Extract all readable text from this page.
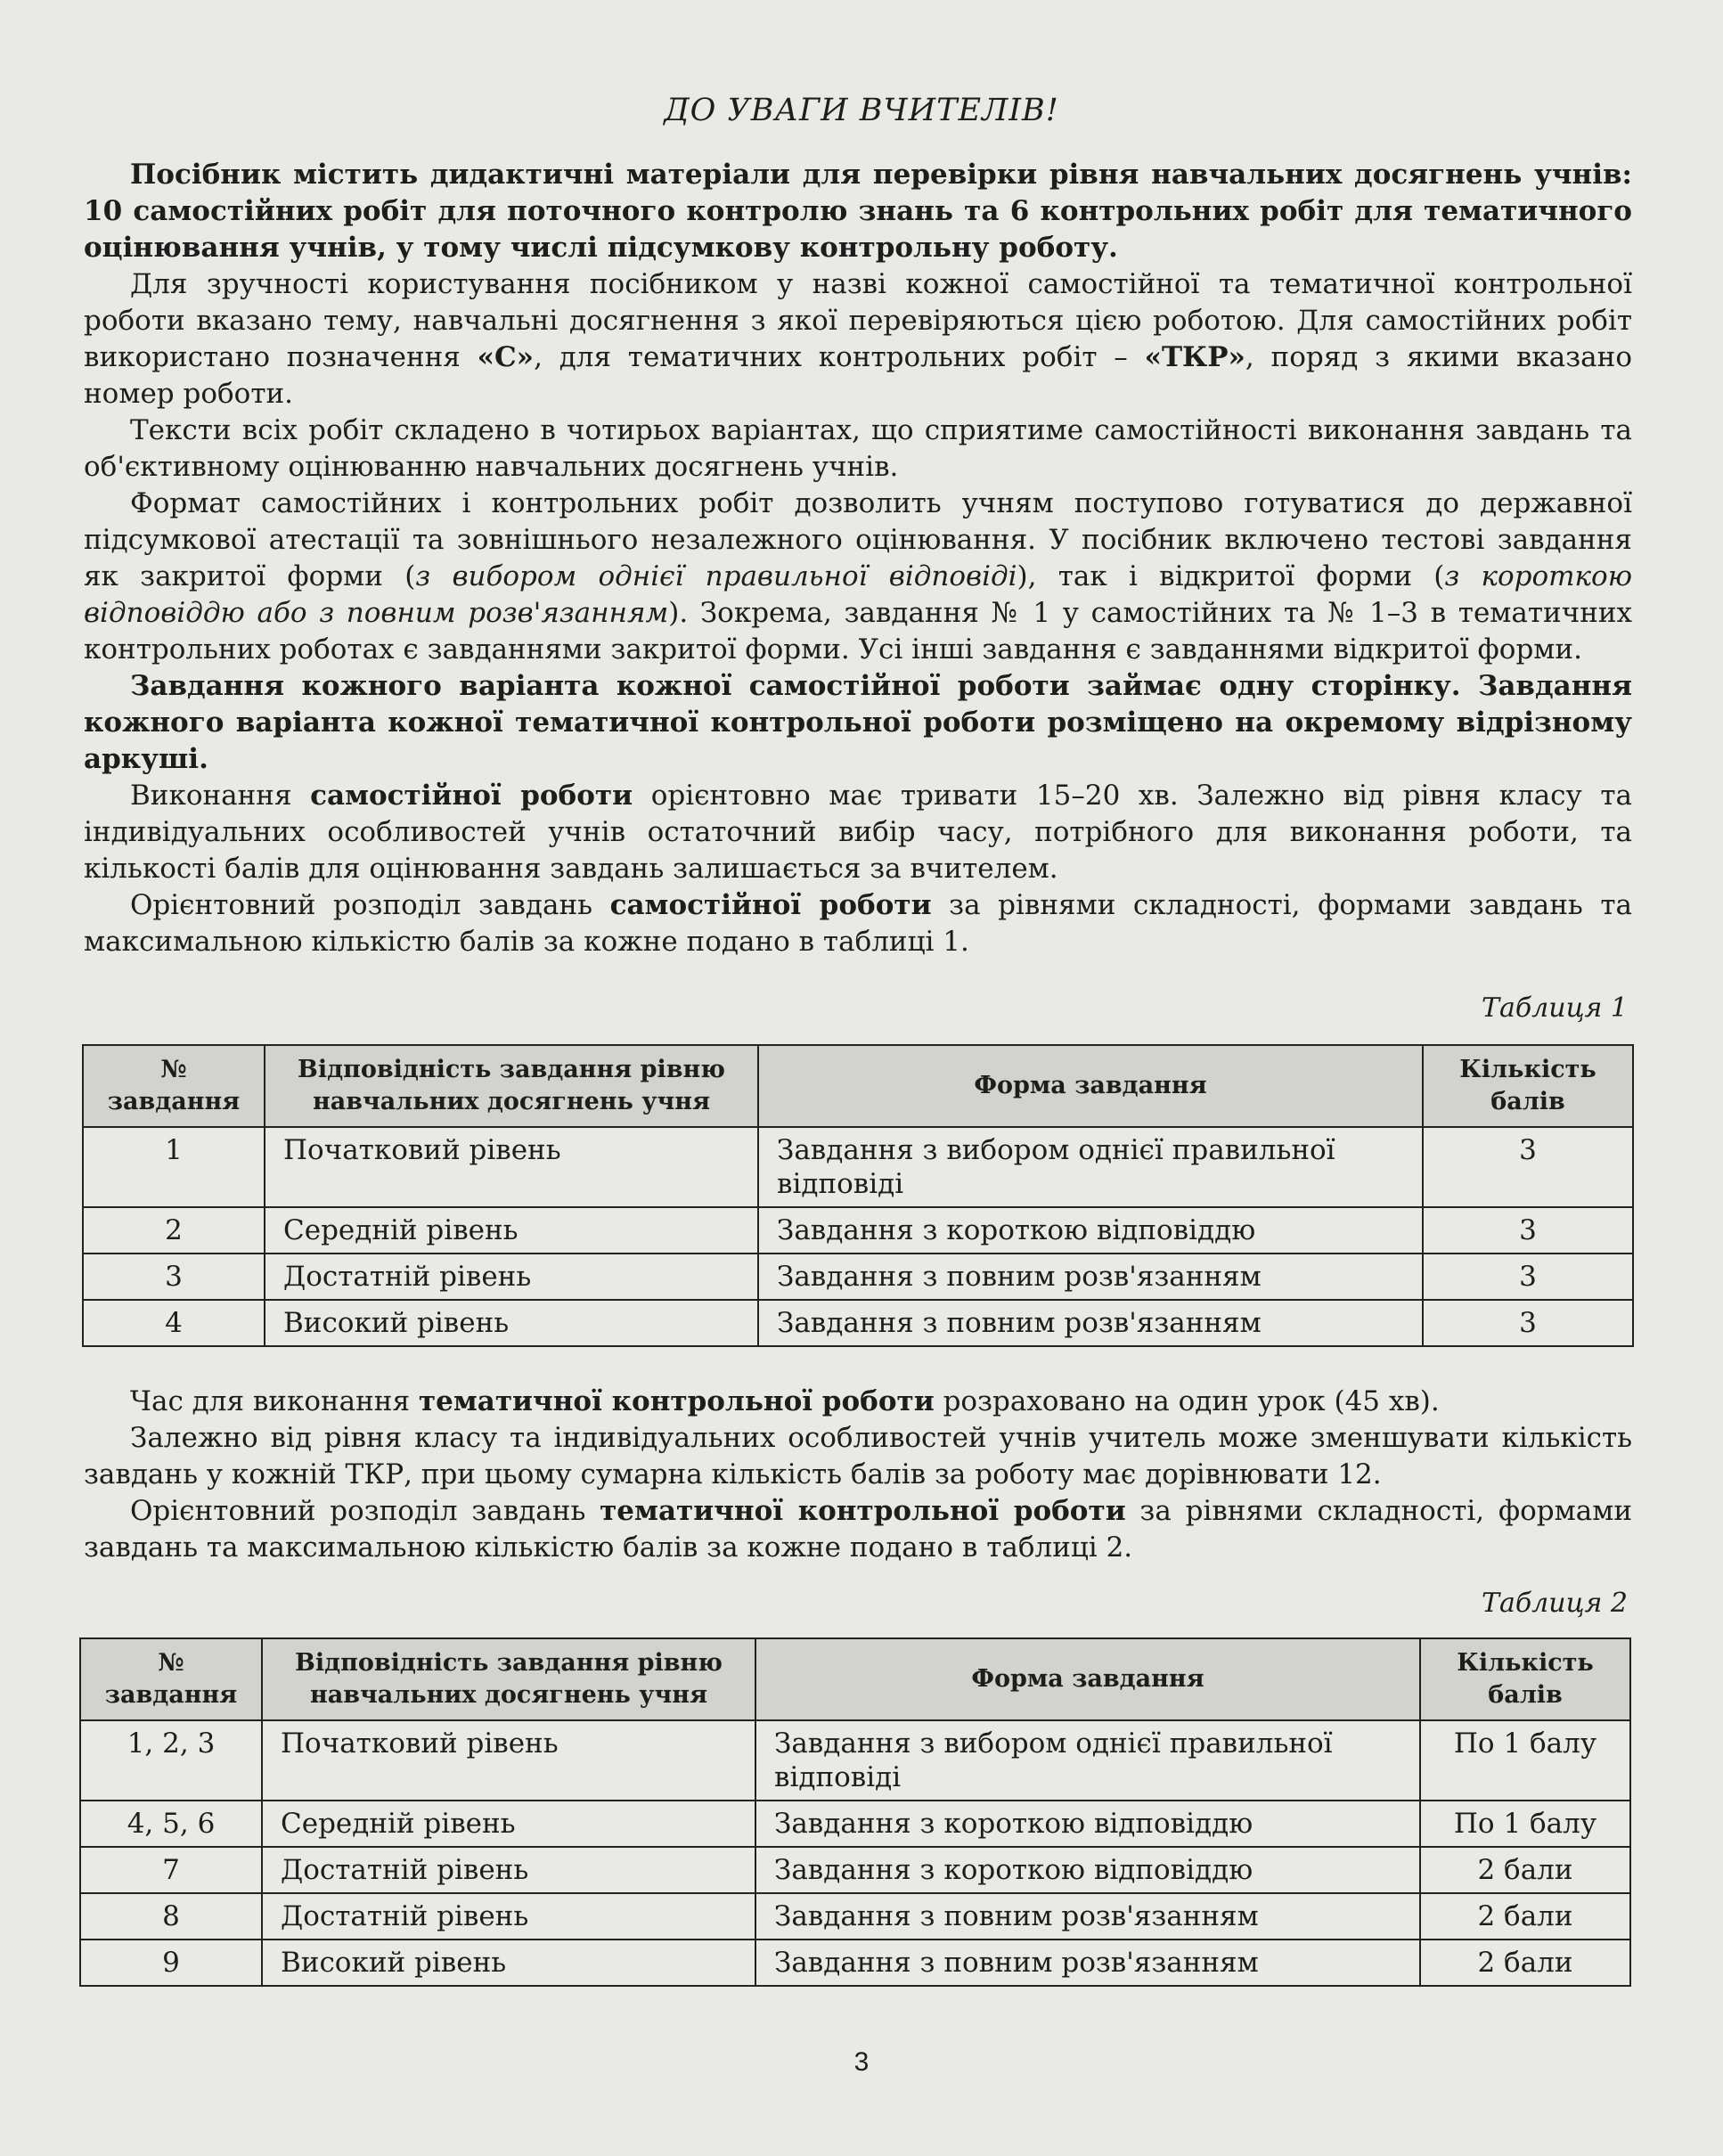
ДО УВАГИ ВЧИТЕЛІВ!

Посібник містить дидактичні матеріали для перевірки рівня навчальних досягнень учнів: 10 самостійних робіт для поточного контролю знань та 6 контрольних робіт для тематичного оцінювання учнів, у тому числі підсумкову контрольну роботу.

Для зручності користування посібником у назві кожної самостійної та тематичної контрольної роботи вказано тему, навчальні досягнення з якої перевіряються цією роботою. Для самостійних робіт використано позначення «С», для тематичних контрольних робіт – «ТКР», поряд з якими вказано номер роботи.

Тексти всіх робіт складено в чотирьох варіантах, що сприятиме самостійності виконання завдань та об'єктивному оцінюванню навчальних досягнень учнів.

Формат самостійних і контрольних робіт дозволить учням поступово готуватися до державної підсумкової атестації та зовнішнього незалежного оцінювання. У посібник включено тестові завдання як закритої форми (з вибором однієї правильної відповіді), так і відкритої форми (з короткою відповіддю або з повним розв'язанням). Зокрема, завдання № 1 у самостійних та № 1–3 в тематичних контрольних роботах є завданнями закритої форми. Усі інші завдання є завданнями відкритої форми.

Завдання кожного варіанта кожної самостійної роботи займає одну сторінку. Завдання кожного варіанта кожної тематичної контрольної роботи розміщено на окремому відрізному аркуші.

Виконання самостійної роботи орієнтовно має тривати 15–20 хв. Залежно від рівня класу та індивідуальних особливостей учнів остаточний вибір часу, потрібного для виконання роботи, та кількості балів для оцінювання завдань залишається за вчителем.

Орієнтовний розподіл завдань самостійної роботи за рівнями складності, формами завдань та максимальною кількістю балів за кожне подано в таблиці 1.

Таблиця 1
№ завдання	Відповідність завдання рівню навчальних досягнень учня	Форма завдання	Кількість балів
1	Початковий рівень	Завдання з вибором однієї правильної відповіді	3
2	Середній рівень	Завдання з короткою відповіддю	3
3	Достатній рівень	Завдання з повним розв'язанням	3
4	Високий рівень	Завдання з повним розв'язанням	3

Час для виконання тематичної контрольної роботи розраховано на один урок (45 хв).

Залежно від рівня класу та індивідуальних особливостей учнів учитель може зменшувати кількість завдань у кожній ТКР, при цьому сумарна кількість балів за роботу має дорівнювати 12.

Орієнтовний розподіл завдань тематичної контрольної роботи за рівнями складності, формами завдань та максимальною кількістю балів за кожне подано в таблиці 2.

Таблиця 2
№ завдання	Відповідність завдання рівню навчальних досягнень учня	Форма завдання	Кількість балів
1, 2, 3	Початковий рівень	Завдання з вибором однієї правильної відповіді	По 1 балу
4, 5, 6	Середній рівень	Завдання з короткою відповіддю	По 1 балу
7	Достатній рівень	Завдання з короткою відповіддю	2 бали
8	Достатній рівень	Завдання з повним розв'язанням	2 бали
9	Високий рівень	Завдання з повним розв'язанням	2 бали
3
